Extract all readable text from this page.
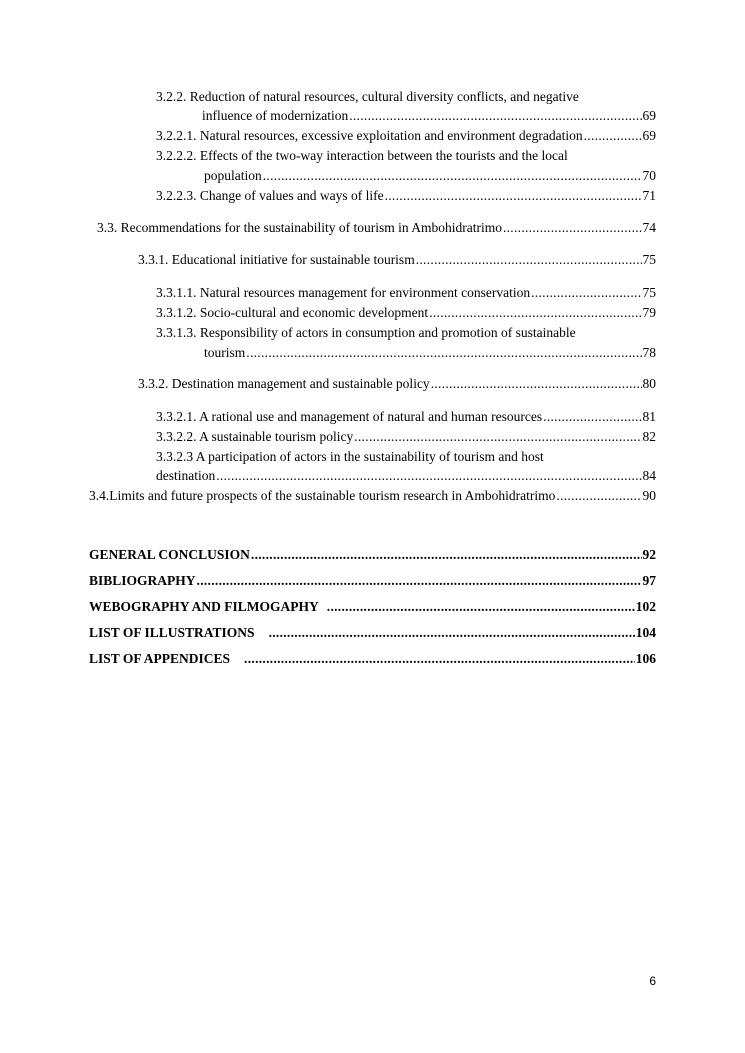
3.2.2. Reduction of natural resources, cultural diversity conflicts, and negative
influence of modernization .....	69
3.2.2.1. Natural resources, excessive exploitation and environment degradation .....	69
3.2.2.2. Effects of the two-way interaction between the tourists and the local
population .....	70
3.2.2.3. Change of values and ways of life .....	71
3.3. Recommendations for the sustainability of tourism in Ambohidratrimo .....	74
3.3.1. Educational initiative for sustainable tourism .....	75
3.3.1.1. Natural resources management for environment conservation .....	75
3.3.1.2. Socio-cultural and economic development .....	79
3.3.1.3. Responsibility of actors in consumption and promotion of sustainable
tourism .....	78
3.3.2. Destination management and sustainable policy .....	80
3.3.2.1. A rational use and management of natural and human resources .....	81
3.3.2.2. A sustainable tourism policy .....	82
3.3.2.3 A participation of actors in the sustainability of tourism and host
destination .....	84
3.4.Limits and future prospects of the sustainable tourism research in Ambohidratrimo .....	90
GENERAL CONCLUSION .....	92
BIBLIOGRAPHY .....	97
WEBOGRAPHY AND FILMOGAPHY .....	102
LIST OF ILLUSTRATIONS .....	104
LIST OF APPENDICES .....	106
6
